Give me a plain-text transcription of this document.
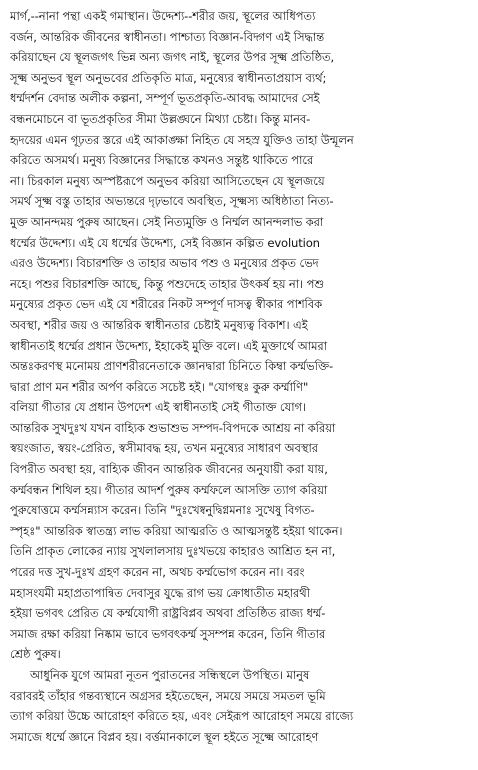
মার্গ,--নানা পন্থা একই গমাস্থান। উদ্দেশ্য--শরীর জয়, স্থূলের আধিপত্য
বর্জন, আন্তরিক জীবনের স্বাধীনতা। পাশ্চাত্য বিজ্ঞান-বিদ্গণ এই সিদ্ধান্ত
করিয়াছেন যে স্থূলজগৎ ভিন্ন অন্য জগৎ নাই, স্থূলের উপর সূক্ষ্ম প্রতিষ্ঠিত,
সূক্ষ্ম অনুভব স্থূল অনুভবের প্রতিকৃতি মাত্র, মনুষ্যের স্বাধীনতাপ্রয়াস ব্যর্থ;
ধর্ম্মদর্শন বেদান্ত অলীক কল্পনা, সম্পূর্ণ ভূতপ্রকৃতি-আবদ্ধ আমাদের সেই
বন্ধনমোচনে বা ভূতপ্রকৃতির সীমা উল্লঙ্ঘনে মিথ্যা চেষ্টা। কিন্তু মানব-
হৃদয়ের এমন গূঢ়তর স্তরে এই আকাঙ্ক্ষা নিহিত যে সহস্র যুক্তিও তাহা উন্মূলন
করিতে অসমর্থ। মনুষ্য বিজ্ঞানের সিদ্ধান্তে কখনও সন্তুষ্ট থাকিতে পারে
না। চিরকাল মনুষ্য অস্পষ্টরূপে অনুভব করিয়া আসিতেছেন যে স্থূলজয়ে
সমর্থ সূক্ষ্ম বস্তু তাহার অভ্যন্তরে দৃঢ়ভাবে অবস্থিত, সূক্ষ্মস্য অধিষ্ঠাতা নিত্য-
মুক্ত আনন্দময় পুরুষ আছেন। সেই নিত্যমুক্তি ও নির্ম্মল আনন্দলাভ করা
ধর্ম্মের উদ্দেশ্য। এই যে ধর্ম্মের উদ্দেশ্য, সেই বিজ্ঞান কল্পিত evolution
এরও উদ্দেশ্য। বিচারশক্তি ও তাহার অভাব পশু ও মনুষ্যের প্রকৃত ভেদ
নহে। পশুর বিচারশক্তি আছে, কিন্তু পশুদেহে তাহার উৎকর্ষ হয় না। পশু
মনুষ্যের প্রকৃত ভেদ এই যে শরীরের নিকট সম্পূর্ণ দাসত্ব স্বীকার পাশবিক
অবস্থা, শরীর জয় ও আন্তরিক স্বাধীনতার চেষ্টাই মনুষ্যত্ব বিকাশ। এই
স্বাধীনতাই ধর্ম্মের প্রধান উদ্দেশ্য, ইহাকেই মুক্তি বলে। এই মুক্তার্থে আমরা
অন্তঃকরণস্থ মনোময় প্রাণশরীরনেতাকে জ্ঞানদ্বারা চিনিতে কিম্বা কর্ম্মভক্তি-
দ্বারা প্রাণ মন শরীর অর্পণ করিতে সচেষ্ট হই। "যোগস্থঃ কুরু কর্ম্মাণি"
বলিয়া গীতার যে প্রধান উপদেশ এই স্বাধীনতাই সেই গীতাক্ত যোগ।
আন্তরিক সুখদুঃখ যখন বাহ্যিক শুভাশুভ সম্পদ-বিপদকে আশ্রয় না করিয়া
স্বয়ংজাত, স্বয়ং-প্রেরিত, স্বসীমাবদ্ধ হয়, তখন মনুষ্যের সাধারণ অবস্থার
বিপরীত অবস্থা হয়, বাহ্যিক জীবন আন্তরিক জীবনের অনুযায়ী করা যায়,
কর্ম্মবন্ধন শিথিল হয়। গীতার আদর্শ পুরুষ কর্ম্মফলে আসক্তি ত্যাগ করিয়া
পুরুষোত্তমে কর্ম্মসন্ন্যাস করেন। তিনি "দুঃখেষ্বনুদ্বিগ্নমনাঃ সুখেষু বিগত-
স্পৃহঃ" আন্তরিক স্বাতন্ত্র্য লাভ করিয়া আত্মরতি ও আত্মসন্তুষ্ট হইয়া থাকেন।
তিনি প্রাকৃত লোকের ন্যায় সুখলালসায় দুঃখভয়ে কাহারও আশ্রিত হন না,
পরের দত্ত সুখ-দুঃখ গ্রহণ করেন না, অথচ কর্ম্মভোগ করেন না। বরং
মহাসংযমী মহাপ্রতাপান্বিত দেবাসুর যুদ্ধে রাগ ভয় ক্রোধাতীত মহারথী
হইয়া ভগবৎ প্রেরিত যে কর্ম্মযোগী রাষ্ট্রবিপ্লব অথবা প্রতিষ্ঠিত রাজ্য ধর্ম্ম-
সমাজ রক্ষা করিয়া নিষ্কাম ভাবে ভগবৎকর্ম্ম সুসম্পন্ন করেন, তিনি গীতার
শ্রেষ্ঠ পুরুষ।
আধুনিক যুগে আমরা নূতন পুরাতনের সন্ধিস্থলে উপস্থিত। মানুষ
বরাবরই তাঁহার গন্তব্যস্থানে অগ্রসর হইতেছেন, সময়ে সময়ে সমতল ভূমি
ত্যাগ করিয়া উচ্চে আরোহণ করিতে হয়, এবং সেইরূপ আরোহণ সময়ে রাজ্যে
সমাজে ধর্ম্মে জ্ঞানে বিপ্লব হয়। বর্ত্তমানকালে স্থূল হইতে সূক্ষ্মে আরোহণ
